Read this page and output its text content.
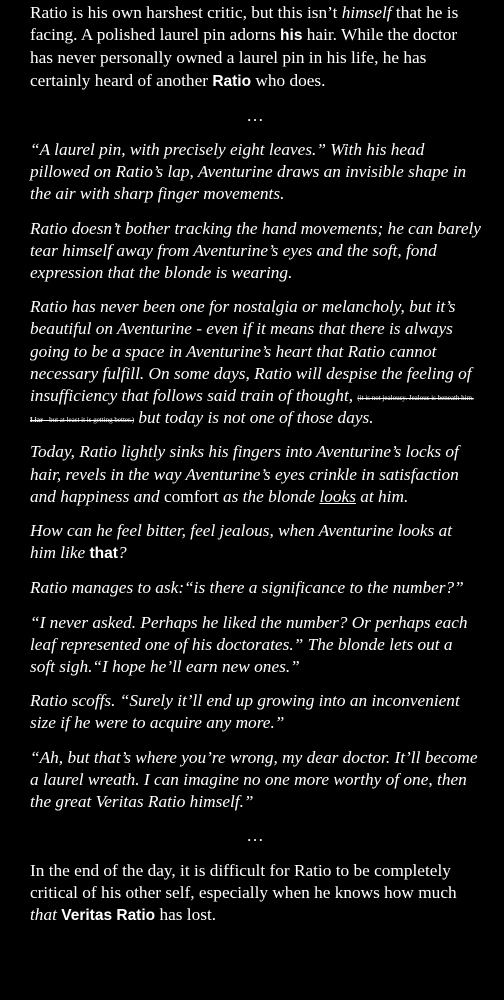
Ratio is his own harshest critic, but this isn’t himself that he is facing. A polished laurel pin adorns his hair. While the doctor has never personally owned a laurel pin in his life, he has certainly heard of another Ratio who does.

…

“A laurel pin, with precisely eight leaves.” With his head pillowed on Ratio’s lap, Aventurine draws an invisible shape in the air with sharp finger movements.

Ratio doesn’t bother tracking the hand movements; he can barely tear himself away from Aventurine’s eyes and the soft, fond expression that the blonde is wearing.

Ratio has never been one for nostalgia or melancholy, but it’s beautiful on Aventurine - even if it means that there is always going to be a space in Aventurine’s heart that Ratio cannot necessary fulfill. On some days, Ratio will despise the feeling of insufficiency that follows said train of thought, (it is not jealousy. Jealous is beneath him. Liar - but at least it is getting better.) but today is not one of those days.

Today, Ratio lightly sinks his fingers into Aventurine’s locks of hair, revels in the way Aventurine’s eyes crinkle in satisfaction and happiness and comfort as the blonde looks at him.

How can he feel bitter, feel jealous, when Aventurine looks at him like that?

Ratio manages to ask:“is there a significance to the number?”

“I never asked. Perhaps he liked the number? Or perhaps each leaf represented one of his doctorates.” The blonde lets out a soft sigh.“I hope he’ll earn new ones.”

Ratio scoffs. “Surely it’ll end up growing into an inconvenient size if he were to acquire any more.”

“Ah, but that’s where you’re wrong, my dear doctor. It’ll become a laurel wreath. I can imagine no one more worthy of one, then the great Veritas Ratio himself.”

…

In the end of the day, it is difficult for Ratio to be completely critical of his other self, especially when he knows how much that Veritas Ratio has lost.
